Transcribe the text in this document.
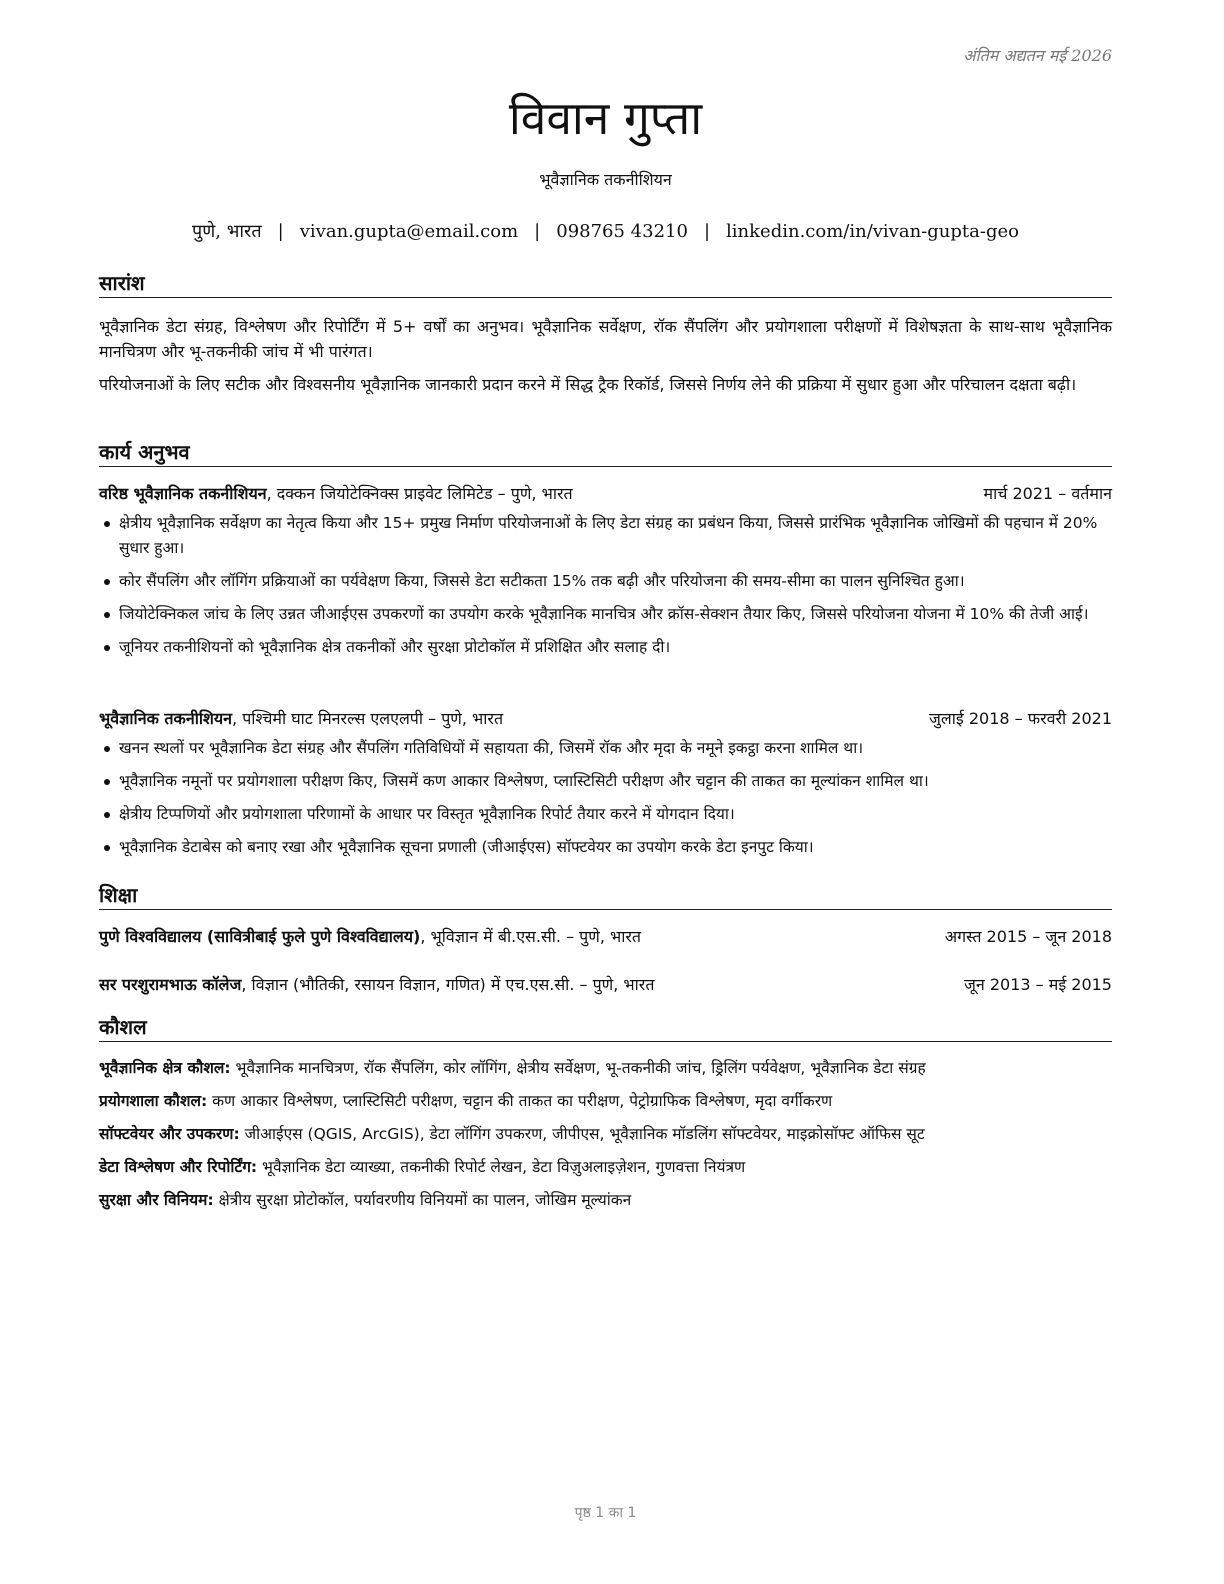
अंतिम अद्यतन मई 2026
विवान गुप्ता
भूवैज्ञानिक तकनीशियन
पुणे, भारत | vivan.gupta@email.com | 098765 43210 | linkedin.com/in/vivan-gupta-geo
सारांश
भूवैज्ञानिक डेटा संग्रह, विश्लेषण और रिपोर्टिंग में 5+ वर्षों का अनुभव। भूवैज्ञानिक सर्वेक्षण, रॉक सैंपलिंग और प्रयोगशाला परीक्षणों में विशेषज्ञता के साथ-साथ भूवैज्ञानिक मानचित्रण और भू-तकनीकी जांच में भी पारंगत।
परियोजनाओं के लिए सटीक और विश्वसनीय भूवैज्ञानिक जानकारी प्रदान करने में सिद्ध ट्रैक रिकॉर्ड, जिससे निर्णय लेने की प्रक्रिया में सुधार हुआ और परिचालन दक्षता बढ़ी।
कार्य अनुभव
वरिष्ठ भूवैज्ञानिक तकनीशियन, दक्कन जियोटेक्निक्स प्राइवेट लिमिटेड – पुणे, भारत	मार्च 2021 – वर्तमान
क्षेत्रीय भूवैज्ञानिक सर्वेक्षण का नेतृत्व किया और 15+ प्रमुख निर्माण परियोजनाओं के लिए डेटा संग्रह का प्रबंधन किया, जिससे प्रारंभिक भूवैज्ञानिक जोखिमों की पहचान में 20% सुधार हुआ।
कोर सैंपलिंग और लॉगिंग प्रक्रियाओं का पर्यवेक्षण किया, जिससे डेटा सटीकता 15% तक बढ़ी और परियोजना की समय-सीमा का पालन सुनिश्चित हुआ।
जियोटेक्निकल जांच के लिए उन्नत जीआईएस उपकरणों का उपयोग करके भूवैज्ञानिक मानचित्र और क्रॉस-सेक्शन तैयार किए, जिससे परियोजना योजना में 10% की तेजी आई।
जूनियर तकनीशियनों को भूवैज्ञानिक क्षेत्र तकनीकों और सुरक्षा प्रोटोकॉल में प्रशिक्षित और सलाह दी।
भूवैज्ञानिक तकनीशियन, पश्चिमी घाट मिनरल्स एलएलपी – पुणे, भारत	जुलाई 2018 – फरवरी 2021
खनन स्थलों पर भूवैज्ञानिक डेटा संग्रह और सैंपलिंग गतिविधियों में सहायता की, जिसमें रॉक और मृदा के नमूने इकट्ठा करना शामिल था।
भूवैज्ञानिक नमूनों पर प्रयोगशाला परीक्षण किए, जिसमें कण आकार विश्लेषण, प्लास्टिसिटी परीक्षण और चट्टान की ताकत का मूल्यांकन शामिल था।
क्षेत्रीय टिप्पणियों और प्रयोगशाला परिणामों के आधार पर विस्तृत भूवैज्ञानिक रिपोर्ट तैयार करने में योगदान दिया।
भूवैज्ञानिक डेटाबेस को बनाए रखा और भूवैज्ञानिक सूचना प्रणाली (जीआईएस) सॉफ्टवेयर का उपयोग करके डेटा इनपुट किया।
शिक्षा
पुणे विश्वविद्यालय (सावित्रीबाई फुले पुणे विश्वविद्यालय), भूविज्ञान में बी.एस.सी. – पुणे, भारत	अगस्त 2015 – जून 2018
सर परशुरामभाऊ कॉलेज, विज्ञान (भौतिकी, रसायन विज्ञान, गणित) में एच.एस.सी. – पुणे, भारत	जून 2013 – मई 2015
कौशल
भूवैज्ञानिक क्षेत्र कौशल: भूवैज्ञानिक मानचित्रण, रॉक सैंपलिंग, कोर लॉगिंग, क्षेत्रीय सर्वेक्षण, भू-तकनीकी जांच, ड्रिलिंग पर्यवेक्षण, भूवैज्ञानिक डेटा संग्रह
प्रयोगशाला कौशल: कण आकार विश्लेषण, प्लास्टिसिटी परीक्षण, चट्टान की ताकत का परीक्षण, पेट्रोग्राफिक विश्लेषण, मृदा वर्गीकरण
सॉफ्टवेयर और उपकरण: जीआईएस (QGIS, ArcGIS), डेटा लॉगिंग उपकरण, जीपीएस, भूवैज्ञानिक मॉडलिंग सॉफ्टवेयर, माइक्रोसॉफ्ट ऑफिस सूट
डेटा विश्लेषण और रिपोर्टिंग: भूवैज्ञानिक डेटा व्याख्या, तकनीकी रिपोर्ट लेखन, डेटा विज़ुअलाइज़ेशन, गुणवत्ता नियंत्रण
सुरक्षा और विनियम: क्षेत्रीय सुरक्षा प्रोटोकॉल, पर्यावरणीय विनियमों का पालन, जोखिम मूल्यांकन
पृष्ठ 1 का 1
